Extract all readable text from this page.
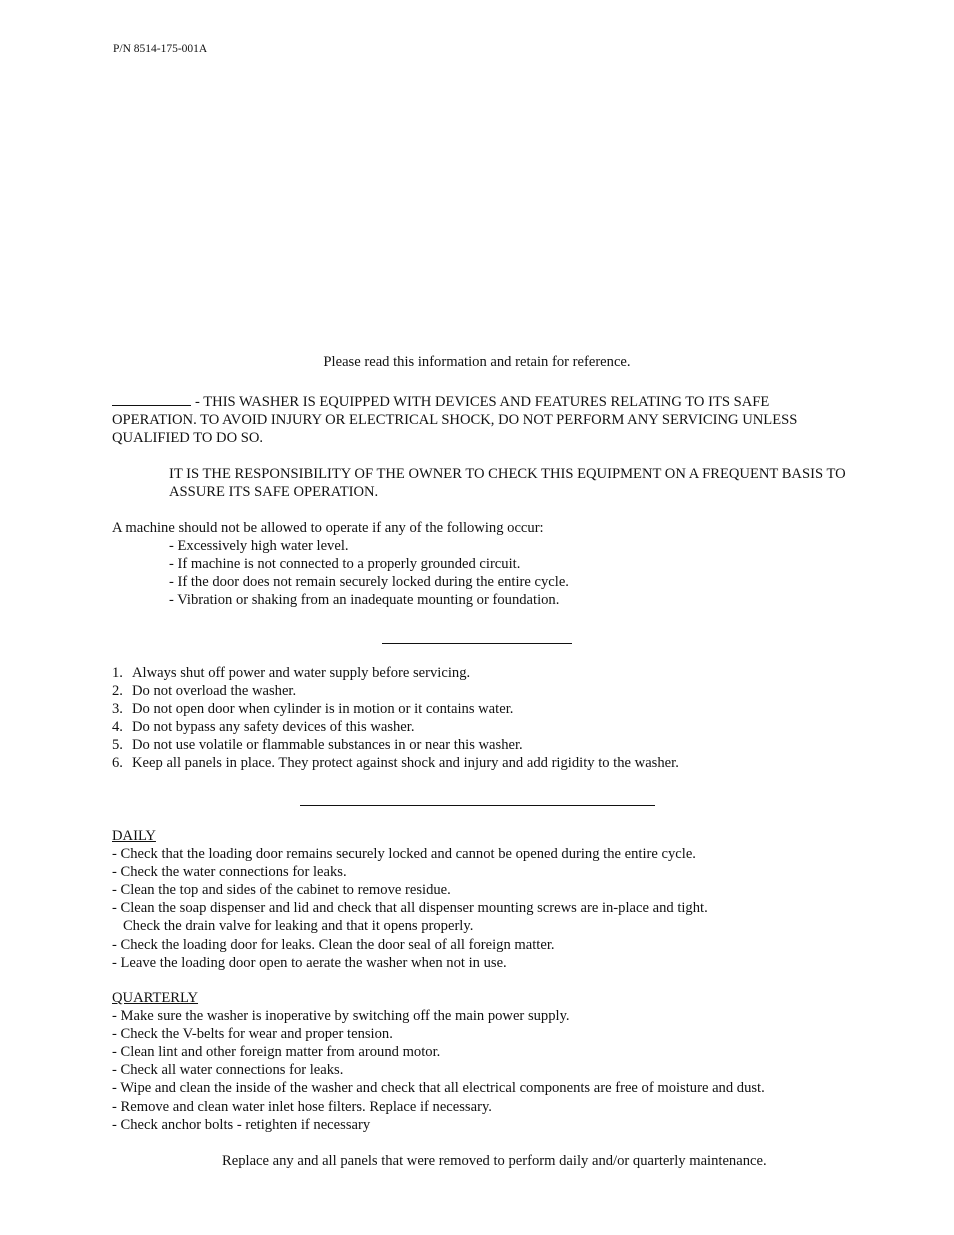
P/N 8514-175-001A
Please read this information and retain for reference.
- THIS WASHER IS EQUIPPED WITH DEVICES AND FEATURES RELATING TO ITS SAFE OPERATION. TO AVOID INJURY OR ELECTRICAL SHOCK, DO NOT PERFORM ANY SERVICING UNLESS QUALIFIED TO DO SO.
IT IS THE RESPONSIBILITY OF THE OWNER TO CHECK THIS EQUIPMENT ON A FREQUENT BASIS TO ASSURE ITS SAFE OPERATION.
A machine should not be allowed to operate if any of the following occur:
- Excessively high water level.
- If machine is not connected to a properly grounded circuit.
- If the door does not remain securely locked during the entire cycle.
- Vibration or shaking from an inadequate mounting or foundation.
1. Always shut off power and water supply before servicing.
2. Do not overload the washer.
3. Do not open door when cylinder is in motion or it contains water.
4. Do not bypass any safety devices of this washer.
5. Do not use volatile or flammable substances in or near this washer.
6. Keep all panels in place. They protect against shock and injury and add rigidity to the washer.
DAILY
- Check that the loading door remains securely locked and cannot be opened during the entire cycle.
- Check the water connections for leaks.
- Clean the top and sides of the cabinet to remove residue.
- Clean the soap dispenser and lid and check that all dispenser mounting screws are in-place and tight.
Check the drain valve for leaking and that it opens properly.
- Check the loading door for leaks. Clean the door seal of all foreign matter.
- Leave the loading door open to aerate the washer when not in use.
QUARTERLY
- Make sure the washer is inoperative by switching off the main power supply.
- Check the V-belts for wear and proper tension.
- Clean lint and other foreign matter from around motor.
- Check all water connections for leaks.
- Wipe and clean the inside of the washer and check that all electrical components are free of moisture and dust.
- Remove and clean water inlet hose filters. Replace if necessary.
- Check anchor bolts - retighten if necessary
Replace any and all panels that were removed to perform daily and/or quarterly maintenance.
